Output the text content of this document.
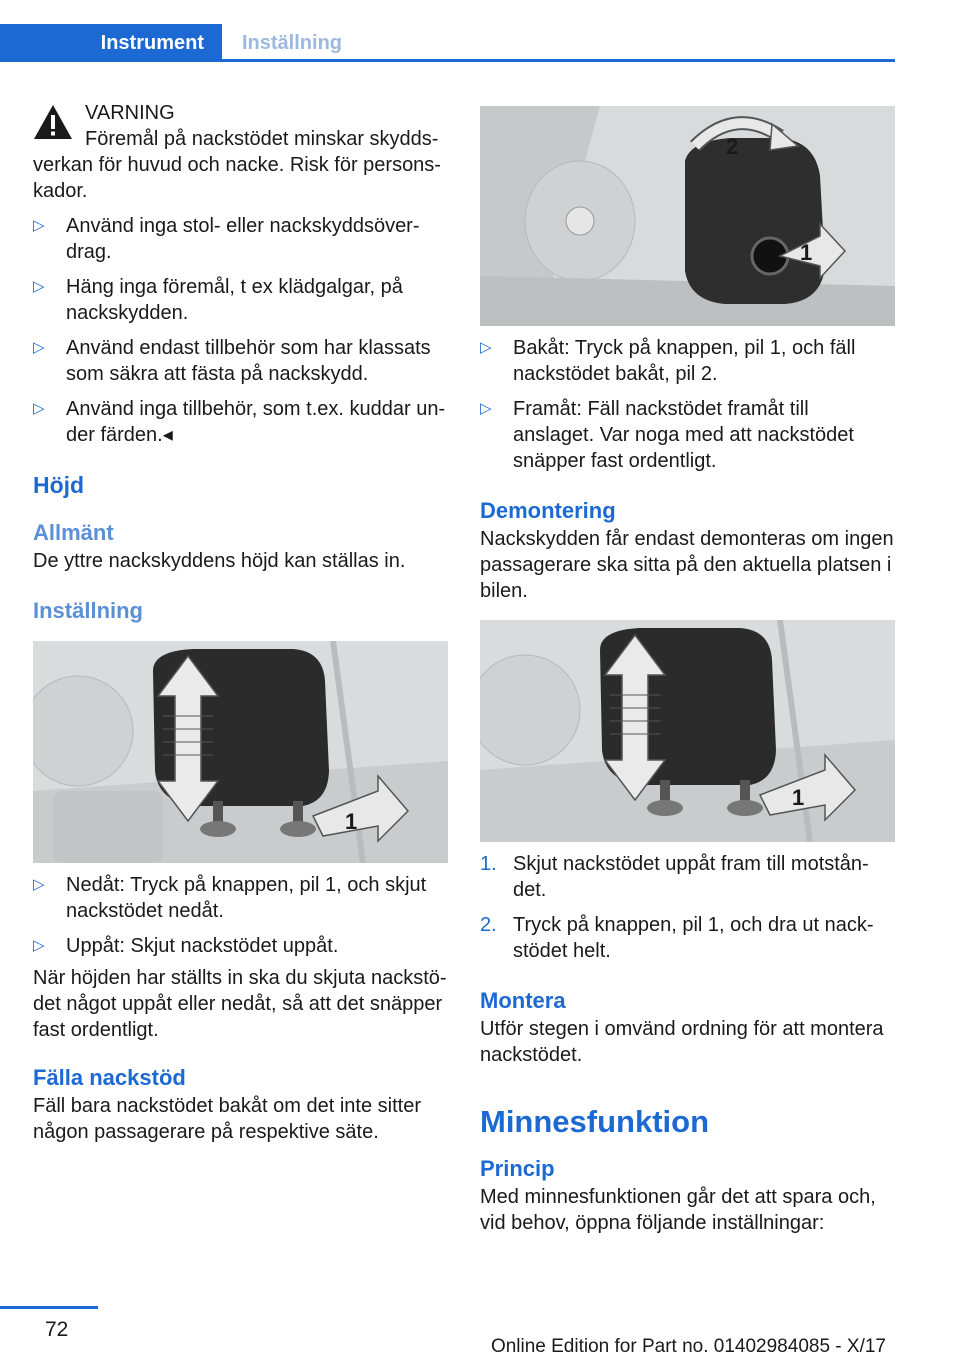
Instrument	Inställning

VARNING

Föremål på nackstödet minskar skydds-verkan för huvud och nacke. Risk för persons-kador.

▷ Använd inga stol- eller nackskyddsöver-drag.
▷ Häng inga föremål, t ex klädgalgar, på nackskydden.
▷ Använd endast tillbehör som har klassats som säkra att fästa på nackskydd.
▷ Använd inga tillbehör, som t.ex. kuddar un-der färden.◂
Höjd
Allmänt

De yttre nackskyddens höjd kan ställas in.

Inställning
1
▷ Nedåt: Tryck på knappen, pil 1, och skjut nackstödet nedåt.
▷ Uppåt: Skjut nackstödet uppåt.

När höjden har ställts in ska du skjuta nackstö-det något uppåt eller nedåt, så att det snäpper fast ordentligt.

Fälla nackstöd

Fäll bara nackstödet bakåt om det inte sitter någon passagerare på respektive säte.

2
1
▷ Bakåt: Tryck på knappen, pil 1, och fäll nackstödet bakåt, pil 2.
▷ Framåt: Fäll nackstödet framåt till anslaget. Var noga med att nackstödet snäpper fast ordentligt.
Demontering

Nackskydden får endast demonteras om ingen passagerare ska sitta på den aktuella platsen i bilen.

1
1. Skjut nackstödet uppåt fram till motstån-det.
2. Tryck på knappen, pil 1, och dra ut nack-stödet helt.
Montera

Utför stegen i omvänd ordning för att montera nackstödet.

Minnesfunktion
Princip

Med minnesfunktionen går det att spara och, vid behov, öppna följande inställningar:

72
Online Edition for Part no. 01402984085 - X/17
